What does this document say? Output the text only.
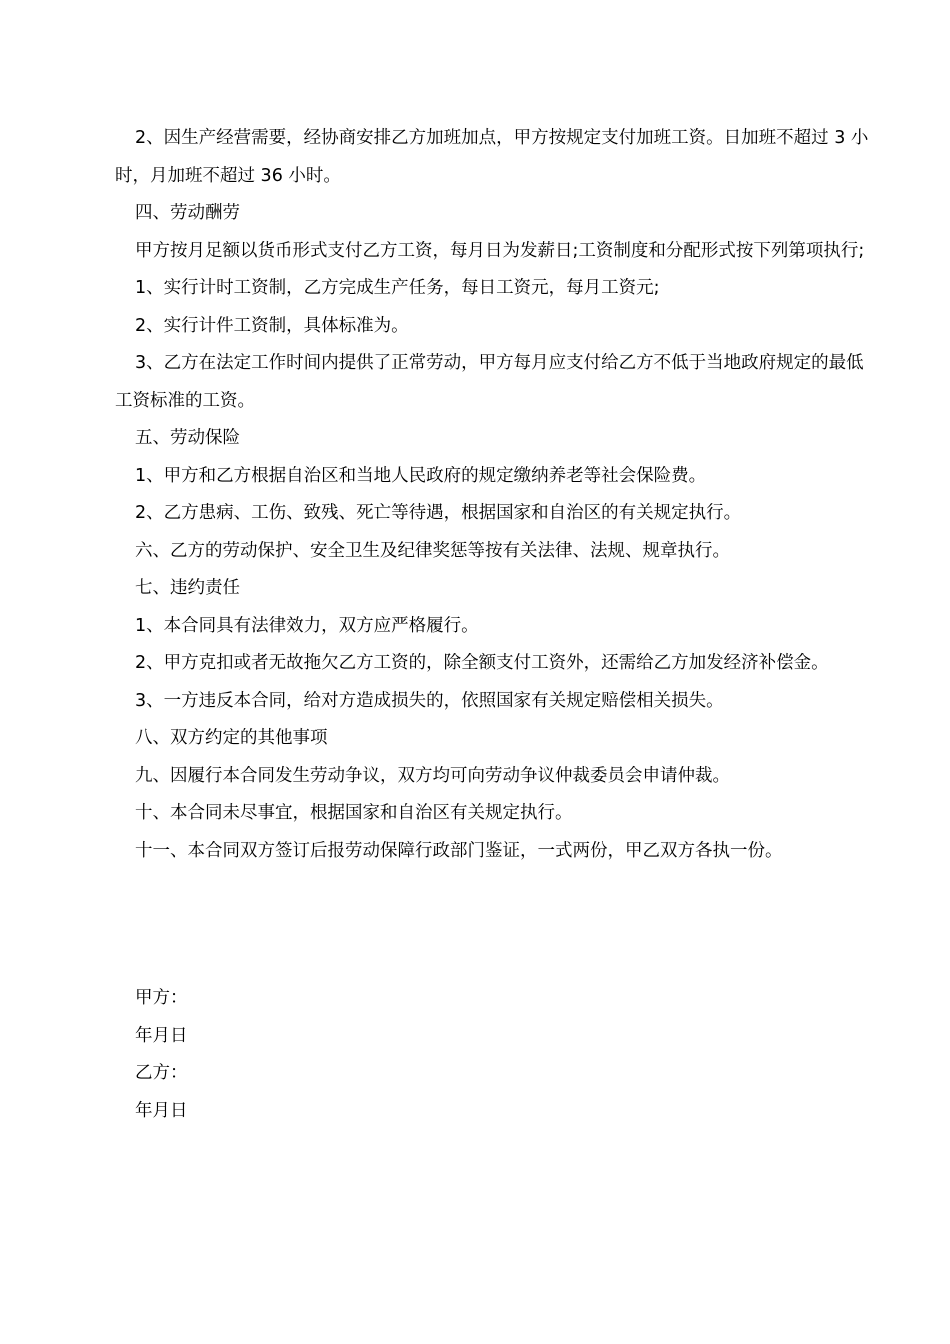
2、因生产经营需要，经协商安排乙方加班加点，甲方按规定支付加班工资。日加班不超过 3 小时，月加班不超过 36 小时。

四、劳动酬劳

甲方按月足额以货币形式支付乙方工资，每月日为发薪日;工资制度和分配形式按下列第项执行;

1、实行计时工资制，乙方完成生产任务，每日工资元，每月工资元;

2、实行计件工资制，具体标准为。

3、乙方在法定工作时间内提供了正常劳动，甲方每月应支付给乙方不低于当地政府规定的最低工资标准的工资。

五、劳动保险

1、甲方和乙方根据自治区和当地人民政府的规定缴纳养老等社会保险费。

2、乙方患病、工伤、致残、死亡等待遇，根据国家和自治区的有关规定执行。

六、乙方的劳动保护、安全卫生及纪律奖惩等按有关法律、法规、规章执行。

七、违约责任

1、本合同具有法律效力，双方应严格履行。

2、甲方克扣或者无故拖欠乙方工资的，除全额支付工资外，还需给乙方加发经济补偿金。

3、一方违反本合同，给对方造成损失的，依照国家有关规定赔偿相关损失。

八、双方约定的其他事项

九、因履行本合同发生劳动争议，双方均可向劳动争议仲裁委员会申请仲裁。

十、本合同未尽事宜，根据国家和自治区有关规定执行。

十一、本合同双方签订后报劳动保障行政部门鉴证，一式两份，甲乙双方各执一份。

甲方：

年月日

乙方：

年月日
